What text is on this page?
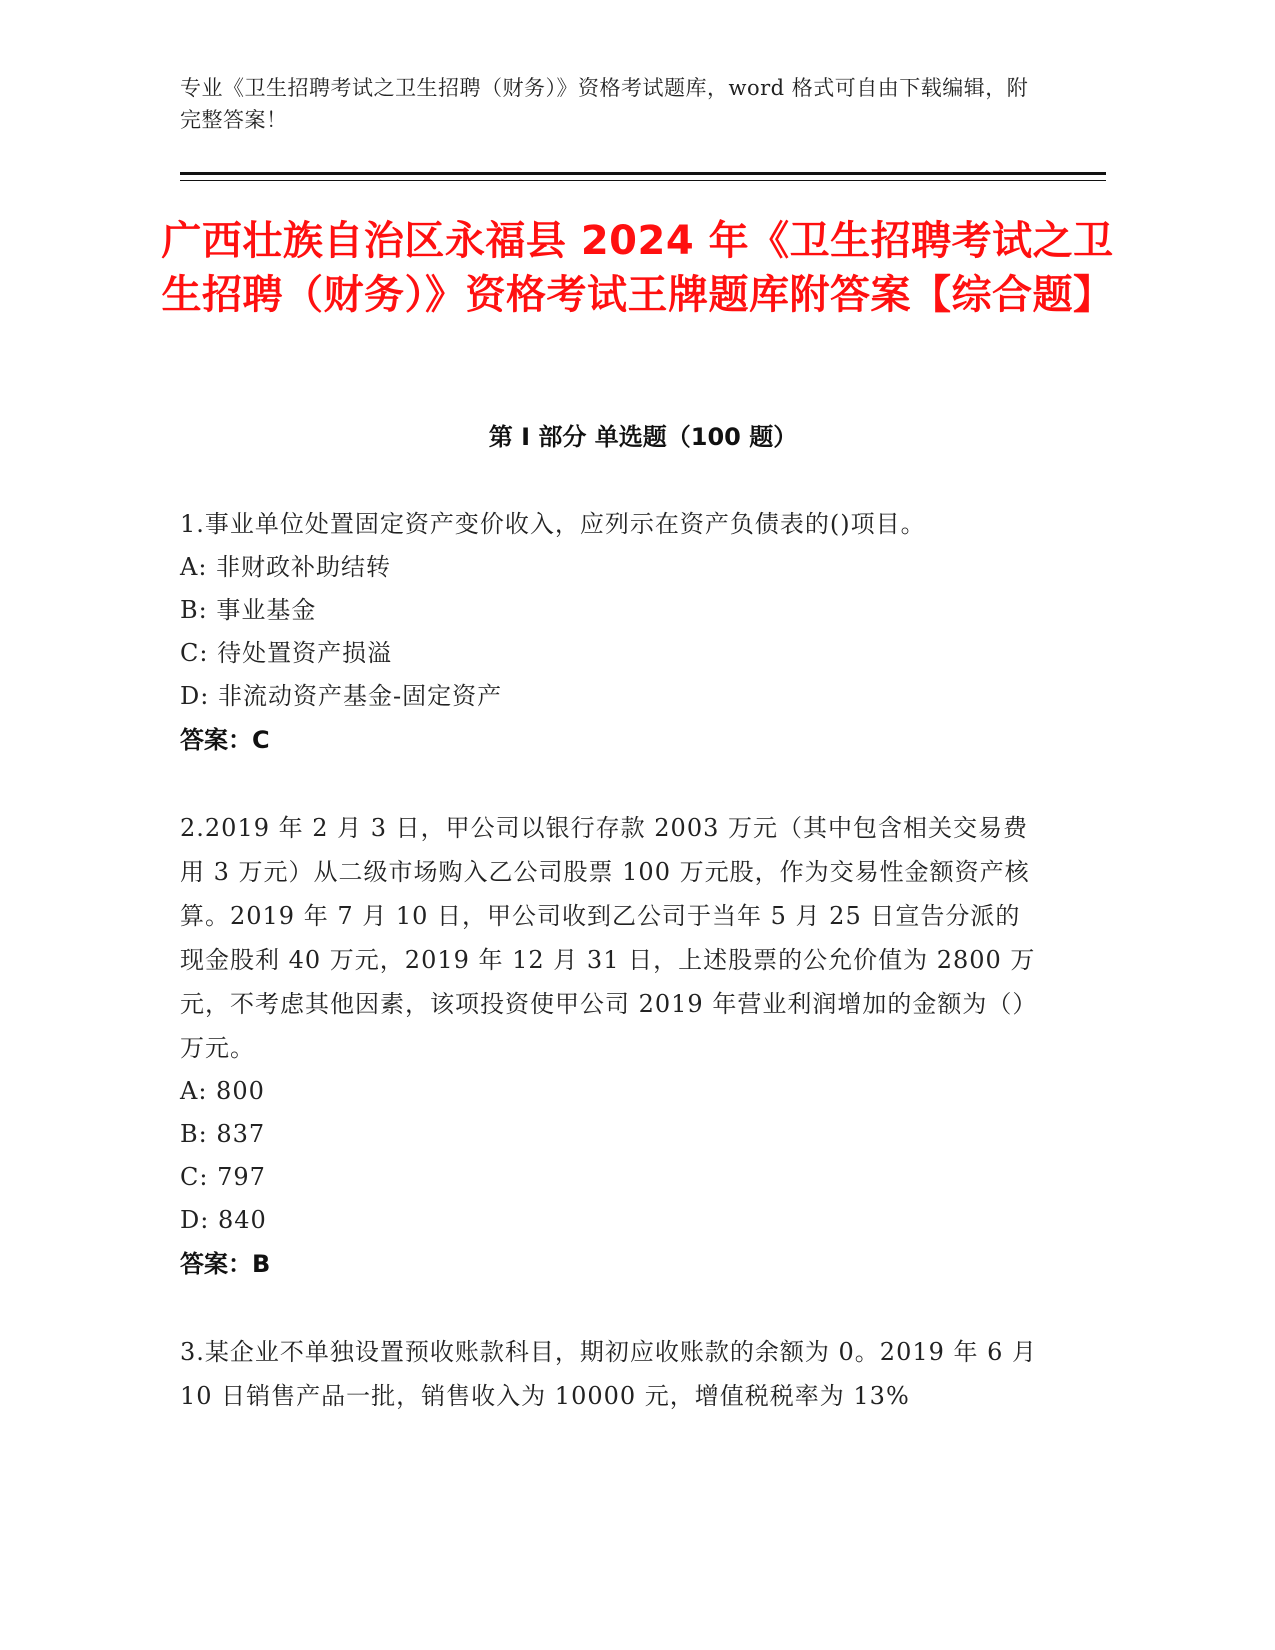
专业《卫生招聘考试之卫生招聘（财务）》资格考试题库，word 格式可自由下载编辑，附完整答案！
广西壮族自治区永福县 2024 年《卫生招聘考试之卫生招聘（财务）》资格考试王牌题库附答案【综合题】
第 I 部分 单选题（100 题）

1.事业单位处置固定资产变价收入，应列示在资产负债表的()项目。

A: 非财政补助结转

B: 事业基金

C: 待处置资产损溢

D: 非流动资产基金-固定资产

答案：C

2.2019 年 2 月 3 日，甲公司以银行存款 2003 万元（其中包含相关交易费用 3 万元）从二级市场购入乙公司股票 100 万元股，作为交易性金额资产核算。2019 年 7 月 10 日，甲公司收到乙公司于当年 5 月 25 日宣告分派的现金股利 40 万元，2019 年 12 月 31 日，上述股票的公允价值为 2800 万元，不考虑其他因素，该项投资使甲公司 2019 年营业利润增加的金额为（）万元。

A: 800

B: 837

C: 797

D: 840

答案：B

3.某企业不单独设置预收账款科目，期初应收账款的余额为 0。2019 年 6 月 10 日销售产品一批，销售收入为 10000 元，增值税税率为 13%
